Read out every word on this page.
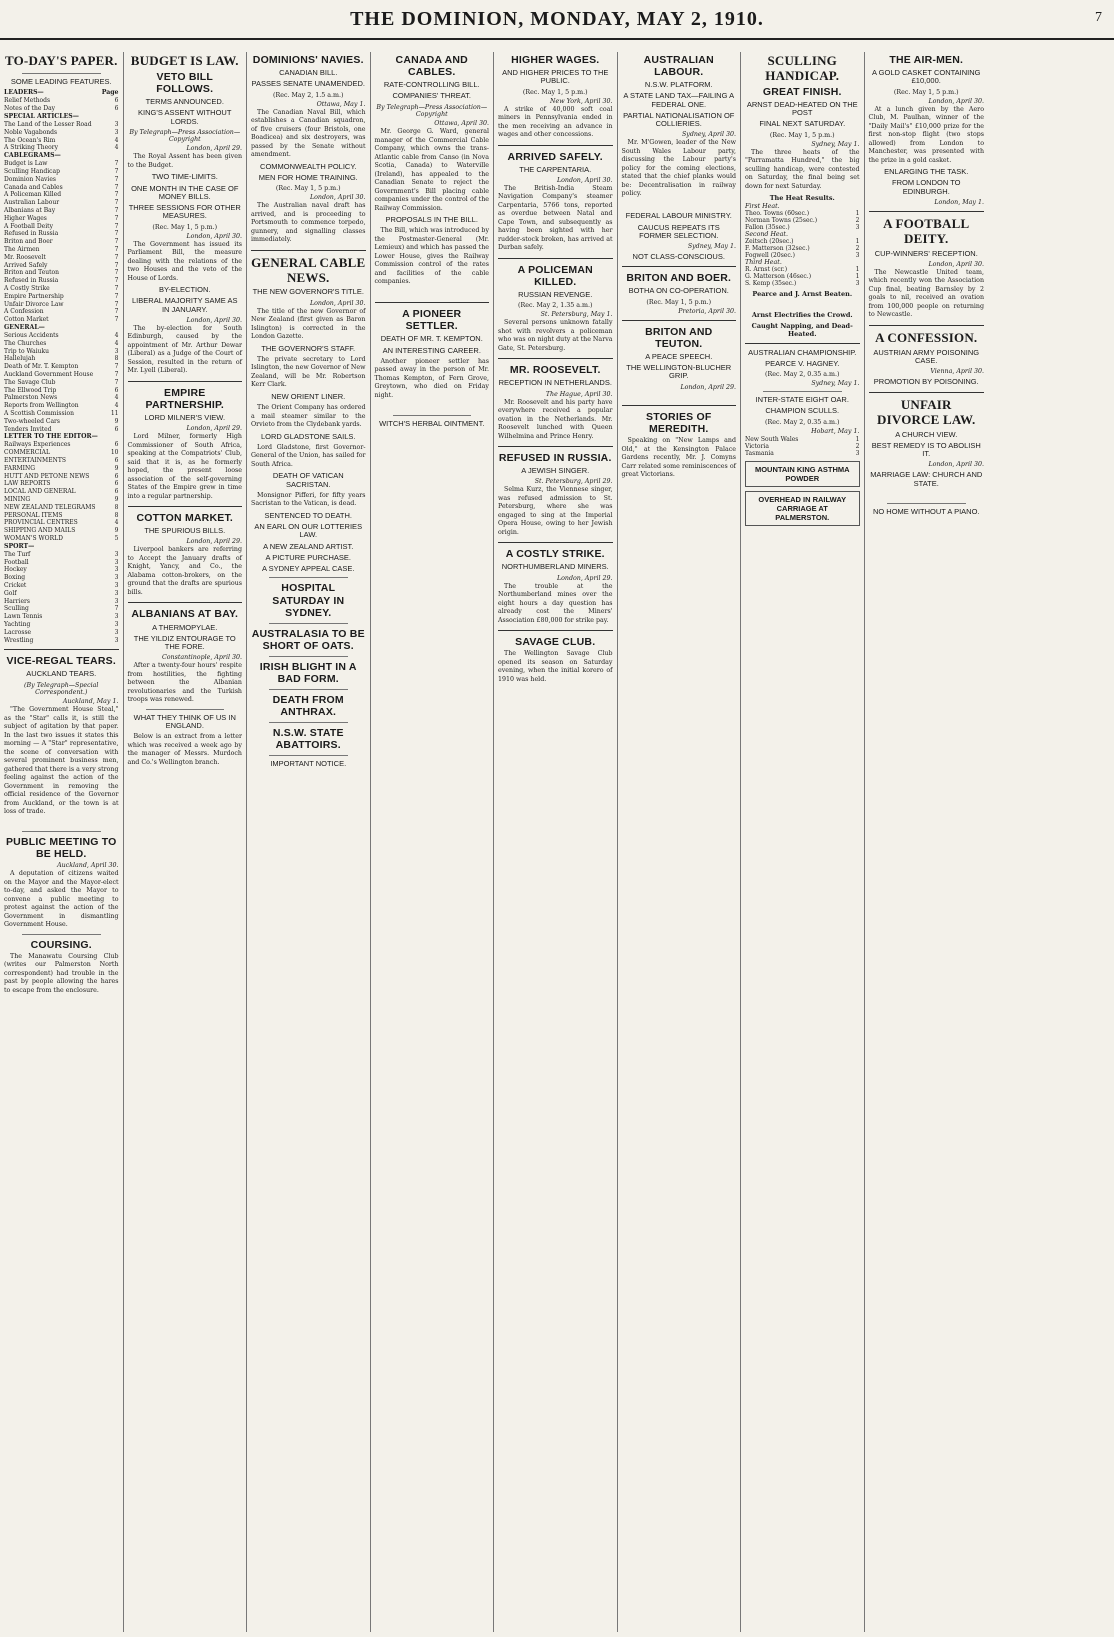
THE DOMINION, MONDAY, MAY 2, 1910.	7
TO-DAY'S PAPER.
SOME LEADING FEATURES.
LEADERS—	Page
Relief Methods	6
Notes of the Day	6
SPECIAL ARTICLES—
The Land of the Lesser Road	3
Noble Vagabonds	3
The Ocean's Rim	4
A Striking Theory	4
CABLEGRAMS—
Budget is Law	7
Sculling Handicap	7
Dominion Navies	7
Canada and Cables	7
A Policeman Killed	7
Australian Labour	7
Albanians at Bay	7
Higher Wages	7
A Football Deity	7
Refused in Russia	7
Briton and Boer	7
The Airmen	7
Mr. Roosevelt	7
Arrived Safely	7
Briton and Teuton	7
Refused in Russia	7
A Costly Strike	7
Empire Partnership	7
Unfair Divorce Law	7
A Confession	7
Cotton Market	7
GENERAL—
Serious Accidents	4
The Churches	4
Trip to Waiuku	3
Hallelujah	8
Death of Mr. T. Kempton	7
Auckland Government House	7
The Savage Club	7
The Ellwood Trip	6
Palmerston News	4
Reports from Wellington	4
A Scottish Commission	11
Two-wheeled Cars	9
Tenders Invited	6
LETTER TO THE EDITOR—
Railways Experiences	6
COMMERCIAL	10
ENTERTAINMENTS	6
FARMING	9
HUTT AND PETONE NEWS	6
LAW REPORTS	6
LOCAL AND GENERAL	6
MINING	9
NEW ZEALAND TELEGRAMS	8
PERSONAL ITEMS	8
PROVINCIAL CENTRES	4
SHIPPING AND MAILS	9
WOMAN'S WORLD	5
SPORT—
The Turf	3
Football	3
Hockey	3
Boxing	3
Cricket	3
Golf	3
Harriers	3
Sculling	7
Lawn Tennis	3
Yachting	3
Lacrosse	3
Wrestling	3
VICE-REGAL TEARS.
AUCKLAND TEARS.
(By Telegraph—Special Correspondent.)
Auckland, May 1.

"The Government House Steal," as the "Star" calls it, is still the subject of agitation by that paper. In the last two issues it states this morning — A "Star" representative, the scene of conversation with several prominent business men, gathered that there is a very strong feeling against the action of the Government in removing the official residence of the Governor from Auckland, or the town is at loss of trade.

PUBLIC MEETING TO BE HELD.
Auckland, April 30.

A deputation of citizens waited on the Mayor and the Mayor-elect to-day, and asked the Mayor to convene a public meeting to protest against the action of the Government in dismantling Government House.

COURSING.

The Manawatu Coursing Club (writes our Palmerston North correspondent) had trouble in the past by people allowing the hares to escape from the enclosure.

BUDGET IS LAW.
VETO BILL FOLLOWS.
TERMS ANNOUNCED.
KING'S ASSENT WITHOUT LORDS.
By Telegraph—Press Association—Copyright
London, April 29.

The Royal Assent has been given to the Budget.

TWO TIME-LIMITS.
ONE MONTH IN THE CASE OF MONEY BILLS.
THREE SESSIONS FOR OTHER MEASURES.
(Rec. May 1, 5 p.m.)
London, April 30.

The Government has issued its Parliament Bill, the measure dealing with the relations of the two Houses and the veto of the House of Lords.

BY-ELECTION.
LIBERAL MAJORITY SAME AS IN JANUARY.
London, April 30.

The by-election for South Edinburgh, caused by the appointment of Mr. Arthur Dewar (Liberal) as a Judge of the Court of Session, resulted in the return of Mr. Lyell (Liberal).

EMPIRE PARTNERSHIP.
LORD MILNER'S VIEW.
London, April 29.

Lord Milner, formerly High Commissioner of South Africa, speaking at the Compatriots' Club, said that it is, as he formerly hoped, the present loose association of the self-governing States of the Empire grew in time into a regular partnership.

COTTON MARKET.
THE SPURIOUS BILLS.
London, April 29.

Liverpool bankers are referring to Accept the January drafts of Knight, Yancy, and Co., the Alabama cotton-brokers, on the ground that the drafts are spurious bills.

ALBANIANS AT BAY.
A THERMOPYLAE.
THE YILDIZ ENTOURAGE TO THE FORE.
Constantinople, April 30.

After a twenty-four hours' respite from hostilities, the fighting between the Albanian revolutionaries and the Turkish troops was renewed.

WHAT THEY THINK OF US IN ENGLAND.

Below is an extract from a letter which was received a week ago by the manager of Messrs. Murdoch and Co.'s Wellington branch.

DOMINIONS' NAVIES.
CANADIAN BILL.
PASSES SENATE UNAMENDED.
(Rec. May 2, 1.5 a.m.)
Ottawa, May 1.

The Canadian Naval Bill, which establishes a Canadian squadron, of five cruisers (four Bristols, one Boadicea) and six destroyers, was passed by the Senate without amendment.

COMMONWEALTH POLICY.
MEN FOR HOME TRAINING.
(Rec. May 1, 5 p.m.)
London, April 30.

The Australian naval draft has arrived, and is proceeding to Portsmouth to commence torpedo, gunnery, and signalling classes immediately.

GENERAL CABLE NEWS.
THE NEW GOVERNOR'S TITLE.
London, April 30.

The title of the new Governor of New Zealand (first given as Baron Islington) is corrected in the London Gazette.

THE GOVERNOR'S STAFF.

The private secretary to Lord Islington, the new Governor of New Zealand, will be Mr. Robertson Kerr Clark.

NEW ORIENT LINER.

The Orient Company has ordered a mail steamer similar to the Orvieto from the Clydebank yards.

LORD GLADSTONE SAILS.

Lord Gladstone, first Governor-General of the Union, has sailed for South Africa.

DEATH OF VATICAN SACRISTAN.

Monsignor Pifferi, for fifty years Sacristan to the Vatican, is dead.

SENTENCED TO DEATH.
AN EARL ON OUR LOTTERIES LAW.
A NEW ZEALAND ARTIST.
A PICTURE PURCHASE.
A SYDNEY APPEAL CASE.
HOSPITAL SATURDAY IN SYDNEY.
AUSTRALASIA TO BE SHORT OF OATS.
IRISH BLIGHT IN A BAD FORM.
DEATH FROM ANTHRAX.
N.S.W. STATE ABATTOIRS.
IMPORTANT NOTICE.
CANADA AND CABLES.
RATE-CONTROLLING BILL.
COMPANIES' THREAT.
By Telegraph—Press Association—Copyright
Ottawa, April 30.

Mr. George G. Ward, general manager of the Commercial Cable Company, which owns the trans-Atlantic cable from Canso (in Nova Scotia, Canada) to Waterville (Ireland), has appealed to the Canadian Senate to reject the Government's Bill placing cable companies under the control of the Railway Commission.

PROPOSALS IN THE BILL.

The Bill, which was introduced by the Postmaster-General (Mr. Lemieux) and which has passed the Lower House, gives the Railway Commission control of the rates and facilities of the cable companies.

A PIONEER SETTLER.
DEATH OF MR. T. KEMPTON.
AN INTERESTING CAREER.

Another pioneer settler has passed away in the person of Mr. Thomas Kempton, of Fern Grove, Greytown, who died on Friday night.

WITCH'S HERBAL OINTMENT.
HIGHER WAGES.
AND HIGHER PRICES TO THE PUBLIC.
(Rec. May 1, 5 p.m.)
New York, April 30.

A strike of 40,000 soft coal miners in Pennsylvania ended in the men receiving an advance in wages and other concessions.

ARRIVED SAFELY.
THE CARPENTARIA.
London, April 30.

The British-India Steam Navigation Company's steamer Carpentaria, 5766 tons, reported as overdue between Natal and Cape Town, and subsequently as having been sighted with her rudder-stock broken, has arrived at Durban safely.

A POLICEMAN KILLED.
RUSSIAN REVENGE.
(Rec. May 2, 1.35 a.m.)
St. Petersburg, May 1.

Several persons unknown fatally shot with revolvers a policeman who was on night duty at the Narva Gate, St. Petersburg.

MR. ROOSEVELT.
RECEPTION IN NETHERLANDS.
The Hague, April 30.

Mr. Roosevelt and his party have everywhere received a popular ovation in the Netherlands. Mr. Roosevelt lunched with Queen Wilhelmina and Prince Henry.

REFUSED IN RUSSIA.
A JEWISH SINGER.
St. Petersburg, April 29.

Selma Kurz, the Viennese singer, was refused admission to St. Petersburg, where she was engaged to sing at the Imperial Opera House, owing to her Jewish origin.

A COSTLY STRIKE.
NORTHUMBERLAND MINERS.
London, April 29.

The trouble at the Northumberland mines over the eight hours a day question has already cost the Miners' Association £80,000 for strike pay.

SAVAGE CLUB.

The Wellington Savage Club opened its season on Saturday evening, when the initial korero of 1910 was held.

AUSTRALIAN LABOUR.
N.S.W. PLATFORM.
A STATE LAND TAX—FAILING A FEDERAL ONE.
PARTIAL NATIONALISATION OF COLLIERIES.
Sydney, April 30.

Mr. M'Gowen, leader of the New South Wales Labour party, discussing the Labour party's policy for the coming elections, stated that the chief planks would be: Decentralisation in railway policy.

FEDERAL LABOUR MINISTRY.
CAUCUS REPEATS ITS FORMER SELECTION.
Sydney, May 1.
NOT CLASS-CONSCIOUS.
BRITON AND BOER.
BOTHA ON CO-OPERATION.
(Rec. May 1, 5 p.m.)
Pretoria, April 30.
BRITON AND TEUTON.
A PEACE SPEECH.
THE WELLINGTON-BLUCHER GRIP.
London, April 29.

STORIES OF MEREDITH.

Speaking on "New Lamps and Old," at the Kensington Palace Gardens recently, Mr. J. Comyns Carr related some reminiscences of great Victorians.

SCULLING HANDICAP.
GREAT FINISH.
ARNST DEAD-HEATED ON THE POST
FINAL NEXT SATURDAY.
(Rec. May 1, 5 p.m.)
Sydney, May 1.

The three heats of the "Parramatta Hundred," the big sculling handicap, were contested on Saturday, the final being set down for next Saturday.

The Heat Results.
First Heat.
Theo. Towns (60sec.)	1
Norman Towns (25sec.)	2
Fallon (35sec.)	3
Second Heat.
Zeitsch (20sec.)	1
F. Matterson (32sec.)	2
Fogwell (20sec.)	3
Third Heat.
R. Arnst (scr.)	1
G. Matterson (46sec.)	1
S. Kemp (35sec.)	3
Pearce and J. Arnst Beaten.

Arnst Electrifies the Crowd.
Caught Napping, and Dead-Heated.
AUSTRALIAN CHAMPIONSHIP.
PEARCE V. HAGNEY.
(Rec. May 2, 0.35 a.m.)
Sydney, May 1.
INTER-STATE EIGHT OAR.
CHAMPION SCULLS.
(Rec. May 2, 0.35 a.m.)
Hobart, May 1.
New South Wales	1
Victoria	2
Tasmania	3
MOUNTAIN KING ASTHMA POWDER
OVERHEAD IN RAILWAY CARRIAGE AT PALMERSTON.
THE AIR-MEN.
A GOLD CASKET CONTAINING £10,000.
(Rec. May 1, 5 p.m.)
London, April 30.

At a lunch given by the Aero Club, M. Paulhan, winner of the "Daily Mail's" £10,000 prize for the first non-stop flight (two stops allowed) from London to Manchester, was presented with the prize in a gold casket.

ENLARGING THE TASK.
FROM LONDON TO EDINBURGH.
London, May 1.
A FOOTBALL DEITY.
CUP-WINNERS' RECEPTION.
London, April 30.

The Newcastle United team, which recently won the Association Cup final, beating Barnsley by 2 goals to nil, received an ovation from 100,000 people on returning to Newcastle.

A CONFESSION.
AUSTRIAN ARMY POISONING CASE.
Vienna, April 30.
PROMOTION BY POISONING.
UNFAIR DIVORCE LAW.
A CHURCH VIEW.
BEST REMEDY IS TO ABOLISH IT.
London, April 30.
MARRIAGE LAW: CHURCH AND STATE.

NO HOME WITHOUT A PIANO.
